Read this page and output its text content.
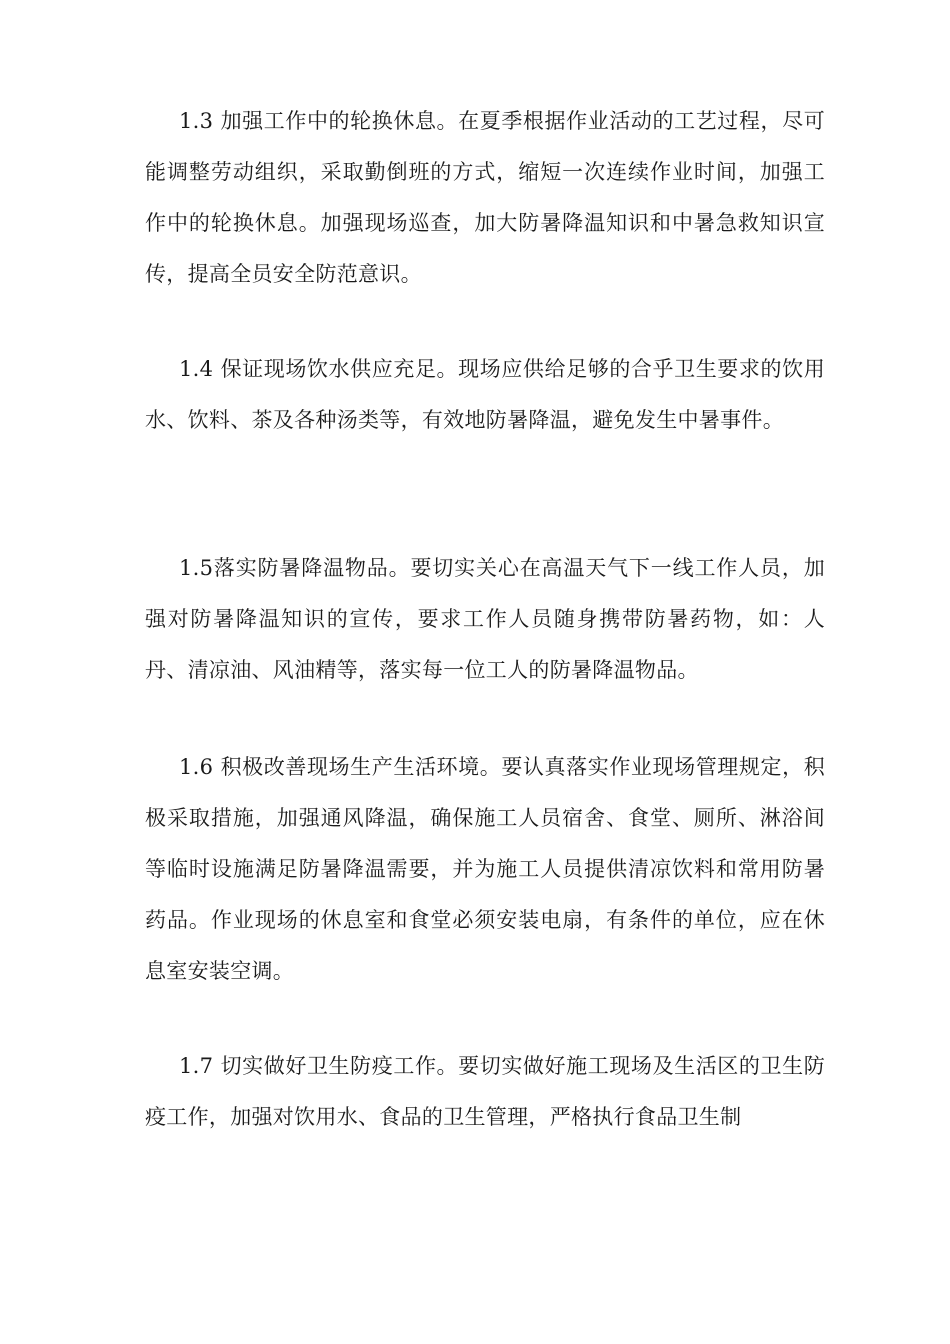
1.3 加强工作中的轮换休息。在夏季根据作业活动的工艺过程，尽可能调整劳动组织，采取勤倒班的方式，缩短一次连续作业时间，加强工作中的轮换休息。加强现场巡查，加大防暑降温知识和中暑急救知识宣传，提高全员安全防范意识。

1.4 保证现场饮水供应充足。现场应供给足够的合乎卫生要求的饮用水、饮料、茶及各种汤类等，有效地防暑降温，避免发生中暑事件。

1.5落实防暑降温物品。要切实关心在高温天气下一线工作人员，加强对防暑降温知识的宣传，要求工作人员随身携带防暑药物，如：人丹、清凉油、风油精等，落实每一位工人的防暑降温物品。

1.6 积极改善现场生产生活环境。要认真落实作业现场管理规定，积极采取措施，加强通风降温，确保施工人员宿舍、食堂、厕所、淋浴间等临时设施满足防暑降温需要，并为施工人员提供清凉饮料和常用防暑药品。作业现场的休息室和食堂必须安装电扇，有条件的单位，应在休息室安装空调。

1.7 切实做好卫生防疫工作。要切实做好施工现场及生活区的卫生防疫工作，加强对饮用水、食品的卫生管理，严格执行食品卫生制
